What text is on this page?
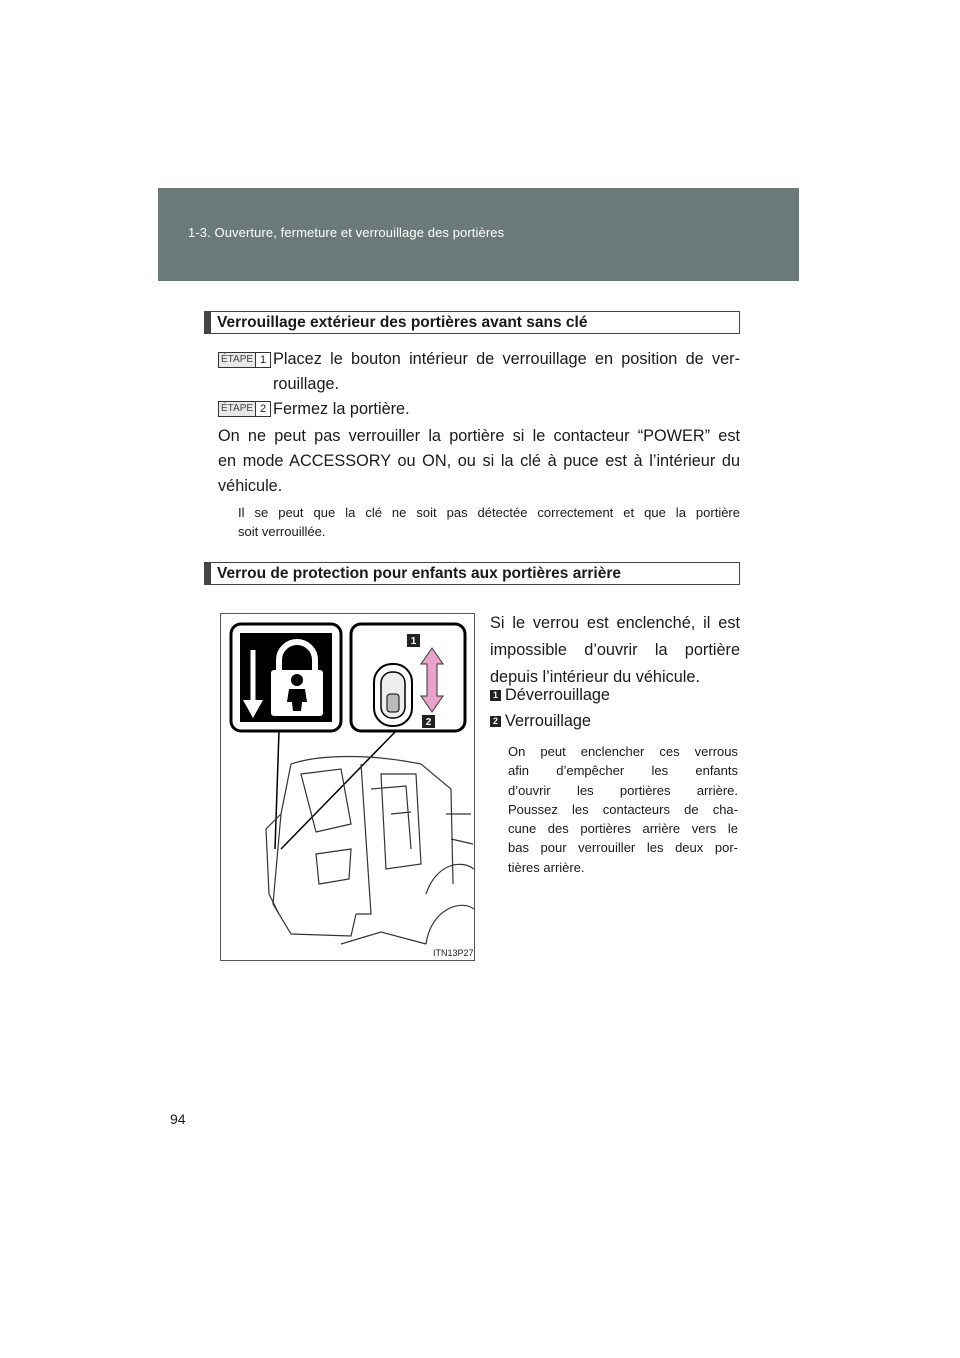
1-3. Ouverture, fermeture et verrouillage des portières
Verrouillage extérieur des portières avant sans clé
ÉTAPE 1 Placez le bouton intérieur de verrouillage en position de ver-
rouillage.
ÉTAPE 2 Fermez la portière.
On ne peut pas verrouiller la portière si le contacteur “POWER” est
en mode ACCESSORY ou ON, ou si la clé à puce est à l’intérieur du
véhicule.
Il se peut que la clé ne soit pas détectée correctement et que la portière
soit verrouillée.
Verrou de protection pour enfants aux portières arrière
1
2
ITN13P271
Si le verrou est enclenché, il est
impossible d’ouvrir la portière
depuis l’intérieur du véhicule.
1 Déverrouillage
2 Verrouillage
On peut enclencher ces verrous
afin d’empêcher les enfants
d’ouvrir les portières arrière.
Poussez les contacteurs de cha-
cune des portières arrière vers le
bas pour verrouiller les deux por-
tières arrière.
94
